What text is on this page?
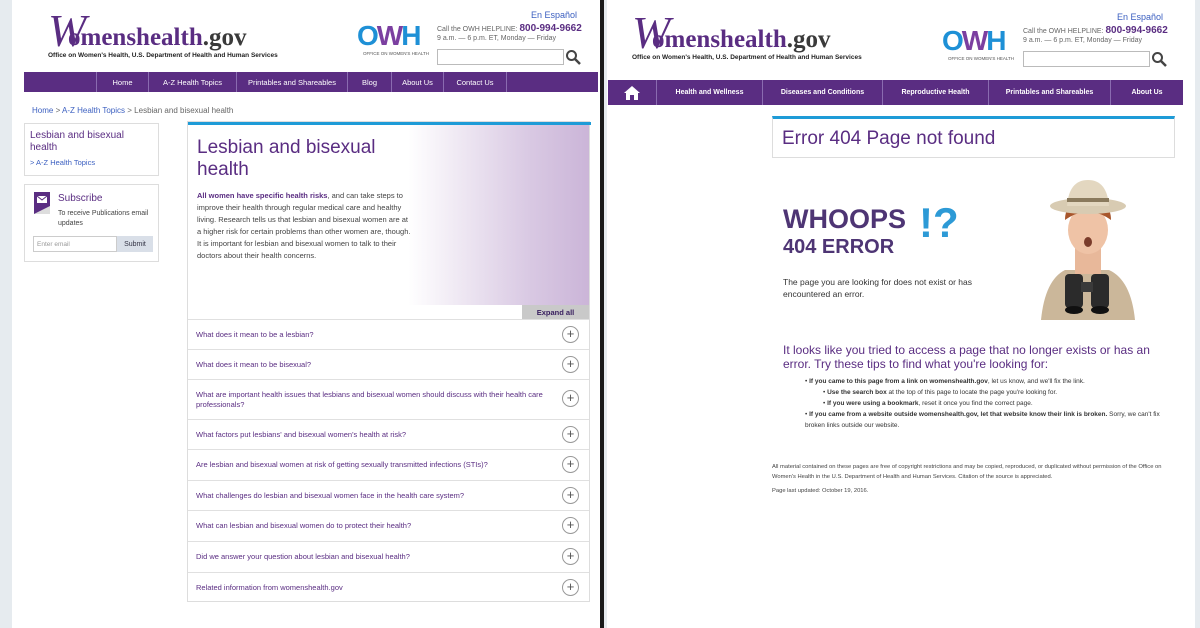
W
omenshealth.gov
Office on Women's Health, U.S. Department of Health and Human Services
OWH
OFFICE ON WOMEN'S HEALTH
En Español
Call the OWH HELPLINE: 800-994-9662
9 a.m. — 6 p.m. ET, Monday — Friday
Home	A-Z Health Topics	Printables and Shareables	Blog	About Us	Contact Us
Home > A-Z Health Topics > Lesbian and bisexual health
Lesbian and bisexual health
> A-Z Health Topics
Subscribe
To receive Publications email updates
Enter email	Submit
Lesbian and bisexual health
All women have specific health risks, and can take steps to improve their health through regular medical care and healthy living. Research tells us that lesbian and bisexual women are at a higher risk for certain problems than other women are, though. It is important for lesbian and bisexual women to talk to their doctors about their health concerns.
Expand all
What does it mean to be a lesbian?	+
What does it mean to be bisexual?	+
What are important health issues that lesbians and bisexual women should discuss with their health care professionals?	+
What factors put lesbians' and bisexual women's health at risk?	+
Are lesbian and bisexual women at risk of getting sexually transmitted infections (STIs)?	+
What challenges do lesbian and bisexual women face in the health care system?	+
What can lesbian and bisexual women do to protect their health?	+
Did we answer your question about lesbian and bisexual health?	+
Related information from womenshealth.gov	+
W
omenshealth.gov
Office on Women's Health, U.S. Department of Health and Human Services
OWH
OFFICE ON WOMEN'S HEALTH
En Español
Call the OWH HELPLINE: 800-994-9662
9 a.m. — 6 p.m. ET, Monday — Friday
Health and Wellness	Diseases and Conditions	Reproductive Health	Printables and Shareables	About Us
Error 404 Page not found
WHOOPS
404 ERROR
!?
The page you are looking for does not exist or has encountered an error.
It looks like you tried to access a page that no longer exists or has an error. Try these tips to find what you're looking for:
• If you came to this page from a link on womenshealth.gov, let us know, and we'll fix the link.
• Use the search box at the top of this page to locate the page you're looking for.
• If you were using a bookmark, reset it once you find the correct page.
• If you came from a website outside womenshealth.gov, let that website know their link is broken. Sorry, we can't fix broken links outside our website.
All material contained on these pages are free of copyright restrictions and may be copied, reproduced, or duplicated without permission of the Office on Women's Health in the U.S. Department of Health and Human Services. Citation of the source is appreciated.
Page last updated: October 19, 2016.
